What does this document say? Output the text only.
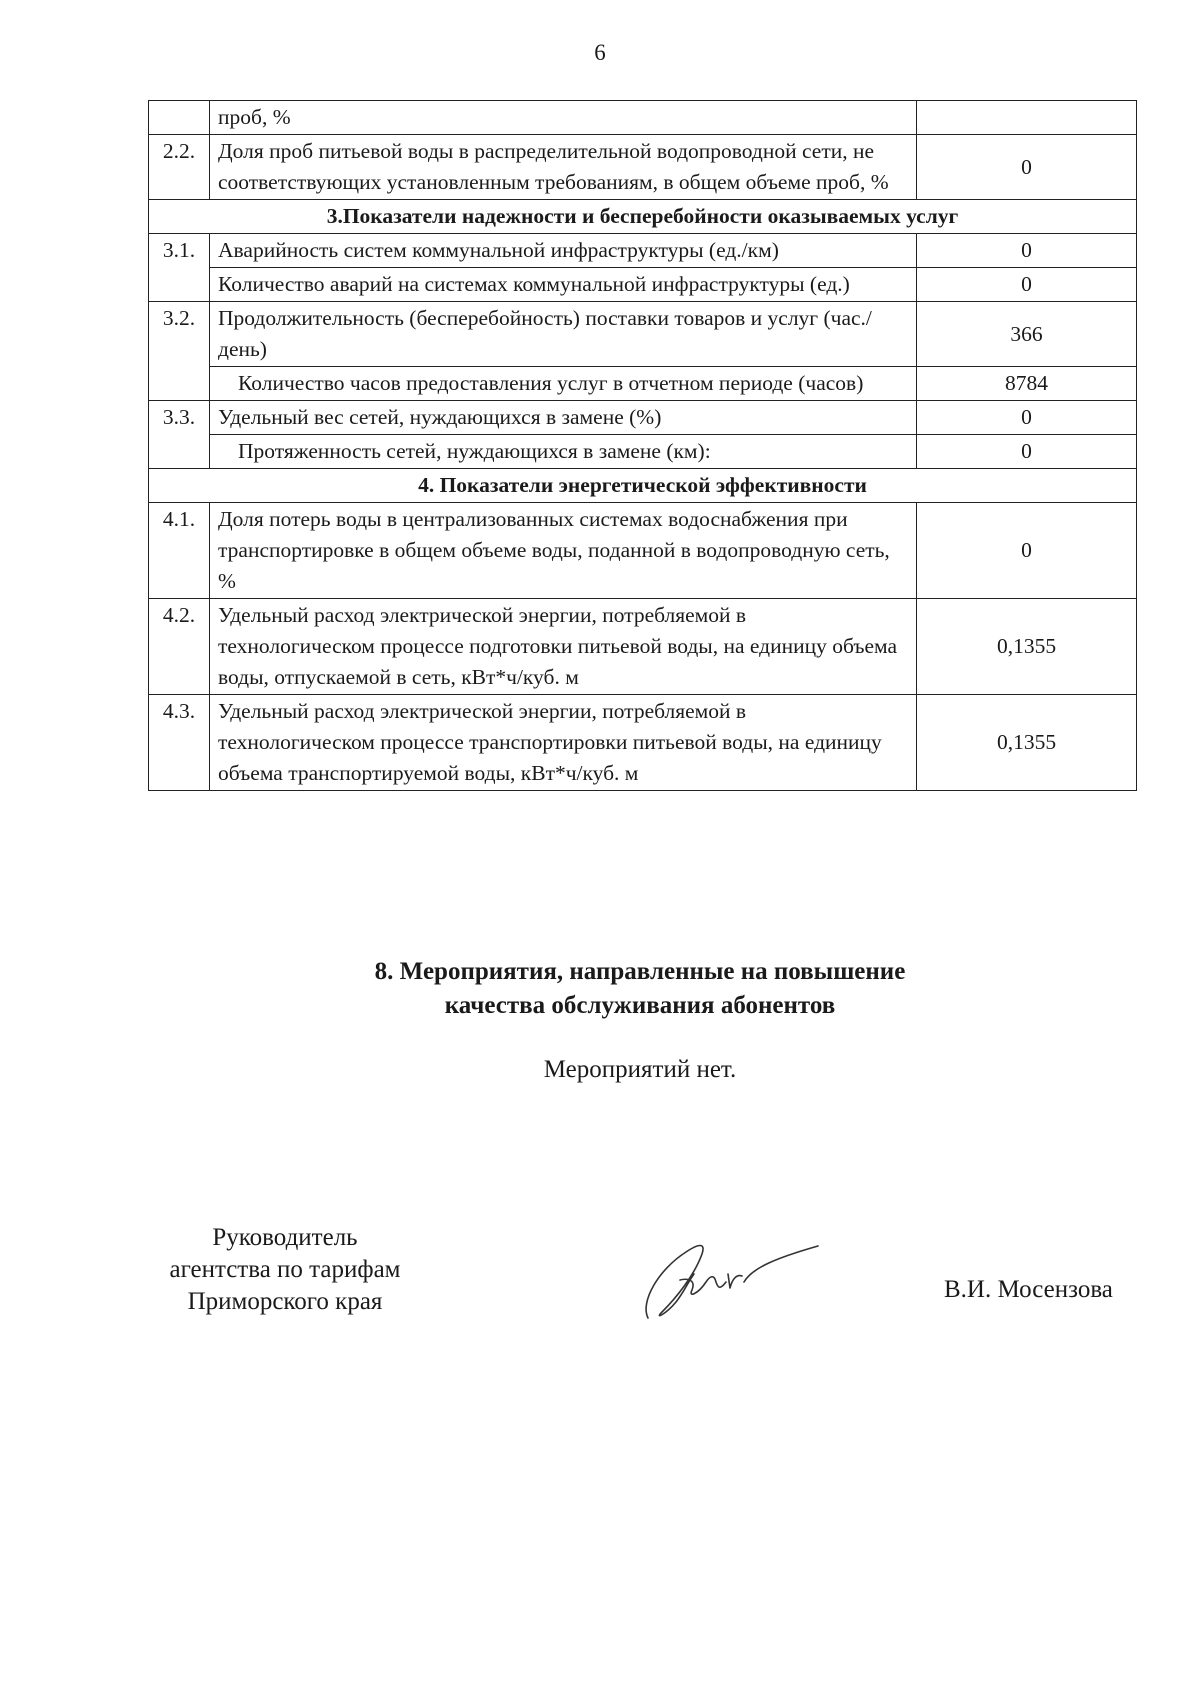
6
	проб, %	
2.2.	Доля проб питьевой воды в распределительной водопроводной сети, не соответствующих установленным требованиям, в общем объеме проб, %	0
3.Показатели надежности и бесперебойности оказываемых услуг		
3.1.	Аварийность систем коммунальной инфраструктуры (ед./км)	0
	Количество аварий на системах коммунальной инфраструктуры (ед.)	0
3.2.	Продолжительность (бесперебойность) поставки товаров и услуг (час./день)	366
	Количество часов предоставления услуг в отчетном периоде (часов)	8784
3.3.	Удельный вес сетей, нуждающихся в замене (%)	0
	Протяженность сетей, нуждающихся в замене (км):	0
4. Показатели энергетической эффективности		
4.1.	Доля потерь воды в централизованных системах водоснабжения при транспортировке в общем объеме воды, поданной в водопроводную сеть, %	0
4.2.	Удельный расход электрической энергии, потребляемой в технологическом процессе подготовки питьевой воды, на единицу объема воды, отпускаемой в сеть, кВт*ч/куб. м	0,1355
4.3.	Удельный расход электрической энергии, потребляемой в технологическом процессе транспортировки питьевой воды, на единицу объема транспортируемой воды, кВт*ч/куб. м	0,1355
8. Мероприятия, направленные на повышение
качества обслуживания абонентов
Мероприятий нет.
Руководитель
агентства по тарифам
Приморского края	В.И. Мосензова
